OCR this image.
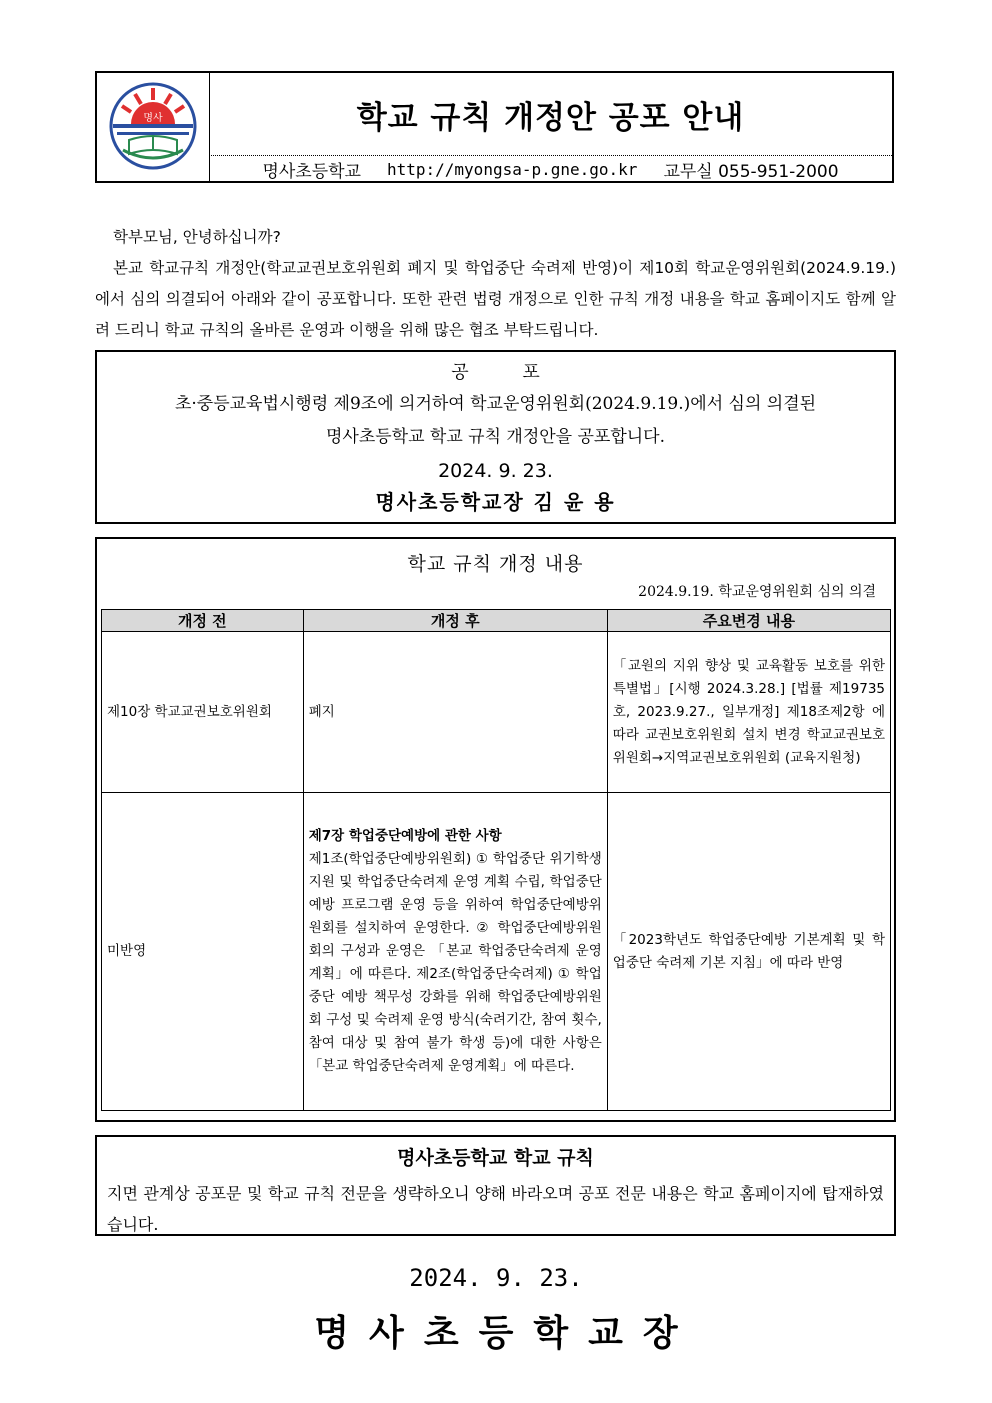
명사	학교 규칙 개정안 공포 안내
명사초등학교 http://myongsa-p.gne.go.kr 교무실 055-951-2000

학부모님, 안녕하십니까?

본교 학교규칙 개정안(학교교권보호위원회 폐지 및 학업중단 숙려제 반영)이 제10회 학교운영위원회(2024.9.19.)에서 심의 의결되어 아래와 같이 공포합니다. 또한 관련 법령 개정으로 인한 규칙 개정 내용을 학교 홈페이지도 함께 알려 드리니 학교 규칙의 올바른 운영과 이행을 위해 많은 협조 부탁드립니다.

공 포
초·중등교육법시행령 제9조에 의거하여 학교운영위원회(2024.9.19.)에서 심의 의결된
명사초등학교 학교 규칙 개정안을 공포합니다.
2024. 9. 23.
명사초등학교장 김 윤 용
학교 규칙 개정 내용
2024.9.19. 학교운영위원회 심의 의결
개정 전	개정 후	주요변경 내용
제10장 학교교권보호위원회	폐지	「교원의 지위 향상 및 교육활동 보호를 위한 특별법」[시행 2024.3.28.] [법률 제19735호, 2023.9.27., 일부개정] 제18조제2항 에 따라 교권보호위원회 설치 변경 학교교권보호위원회→지역교권보호위원회 (교육지원청)
미반영	제7장 학업중단예방에 관한 사항
제1조(학업중단예방위원회) ① 학업중단 위기학생 지원 및 학업중단숙려제 운영 계획 수립, 학업중단예방 프로그램 운영 등을 위하여 학업중단예방위원회를 설치하여 운영한다. ② 학업중단예방위원회의 구성과 운영은 「본교 학업중단숙려제 운영계획」에 따른다. 제2조(학업중단숙려제) ① 학업중단 예방 책무성 강화를 위해 학업중단예방위원회 구성 및 숙려제 운영 방식(숙려기간, 참여 횟수, 참여 대상 및 참여 불가 학생 등)에 대한 사항은 「본교 학업중단숙려제 운영계획」에 따른다.	「2023학년도 학업중단예방 기본계획 및 학업중단 숙려제 기본 지침」에 따라 반영
명사초등학교 학교 규칙
지면 관계상 공포문 및 학교 규칙 전문을 생략하오니 양해 바라오며 공포 전문 내용은 학교 홈페이지에 탑재하였습니다.
2024. 9. 23.
명사초등학교장
